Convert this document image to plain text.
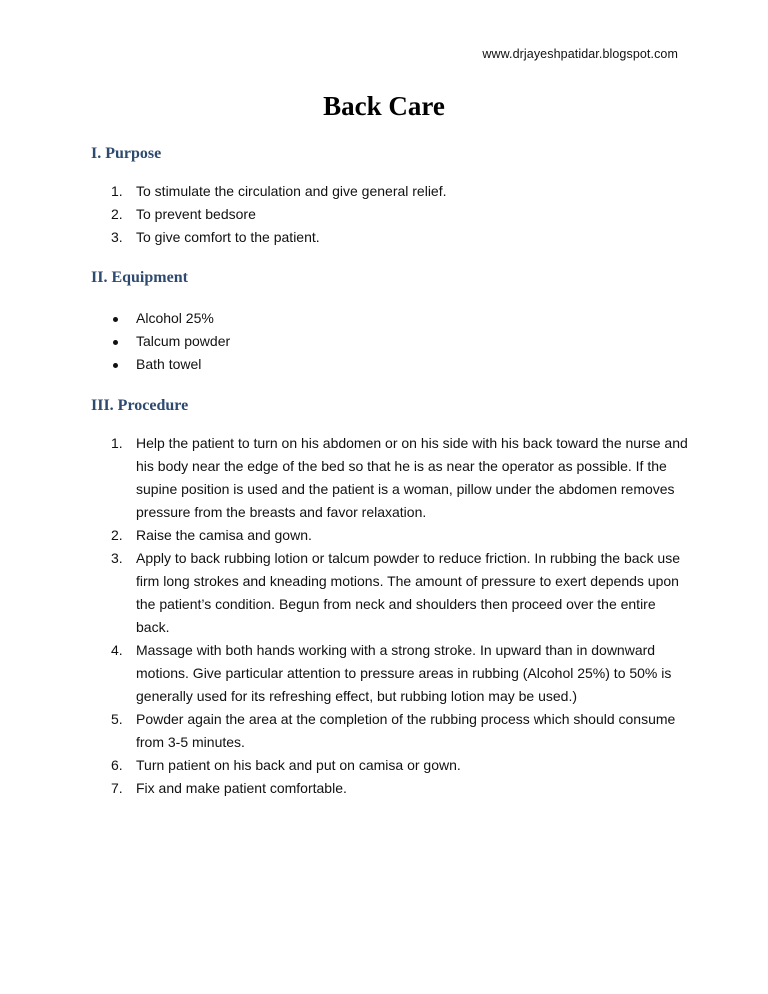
www.drjayeshpatidar.blogspot.com
Back Care
I. Purpose
1. To stimulate the circulation and give general relief.
2. To prevent bedsore
3. To give comfort to the patient.
II. Equipment
Alcohol 25%
Talcum powder
Bath towel
III. Procedure
1. Help the patient to turn on his abdomen or on his side with his back toward the nurse and his body near the edge of the bed so that he is as near the operator as possible. If the supine position is used and the patient is a woman, pillow under the abdomen removes pressure from the breasts and favor relaxation.
2. Raise the camisa and gown.
3. Apply to back rubbing lotion or talcum powder to reduce friction. In rubbing the back use firm long strokes and kneading motions. The amount of pressure to exert depends upon the patient’s condition. Begun from neck and shoulders then proceed over the entire back.
4. Massage with both hands working with a strong stroke. In upward than in downward motions. Give particular attention to pressure areas in rubbing (Alcohol 25%) to 50% is generally used for its refreshing effect, but rubbing lotion may be used.)
5. Powder again the area at the completion of the rubbing process which should consume from 3-5 minutes.
6. Turn patient on his back and put on camisa or gown.
7. Fix and make patient comfortable.
